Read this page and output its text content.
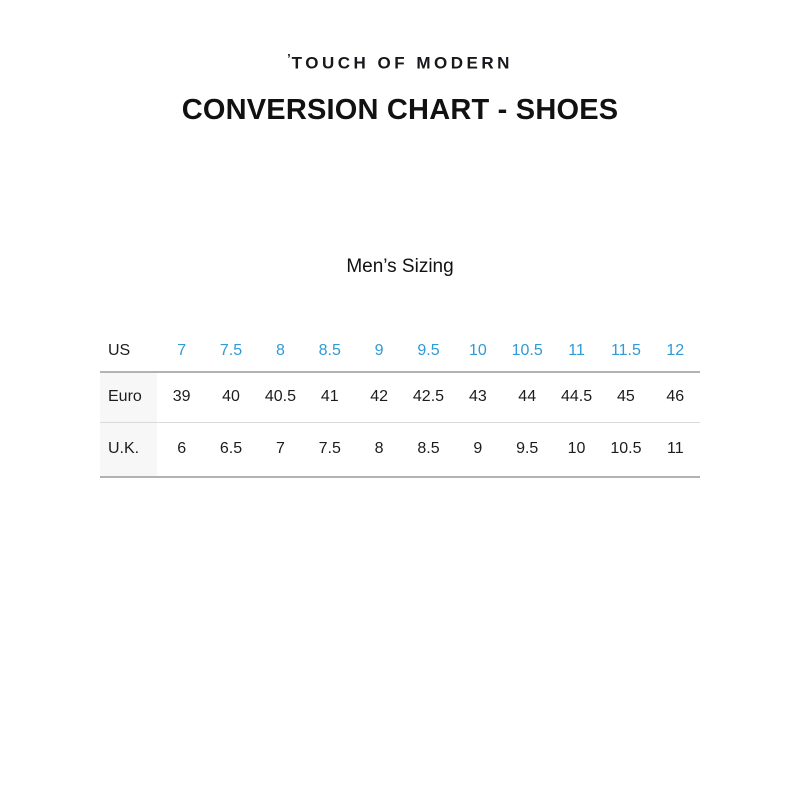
’TOUCH OF MODERN
CONVERSION CHART - SHOES
Men’s Sizing
US	7	7.5	8	8.5	9	9.5	10	10.5	11	11.5	12
Euro	39	40	40.5	41	42	42.5	43	44	44.5	45	46
U.K.	6	6.5	7	7.5	8	8.5	9	9.5	10	10.5	11
